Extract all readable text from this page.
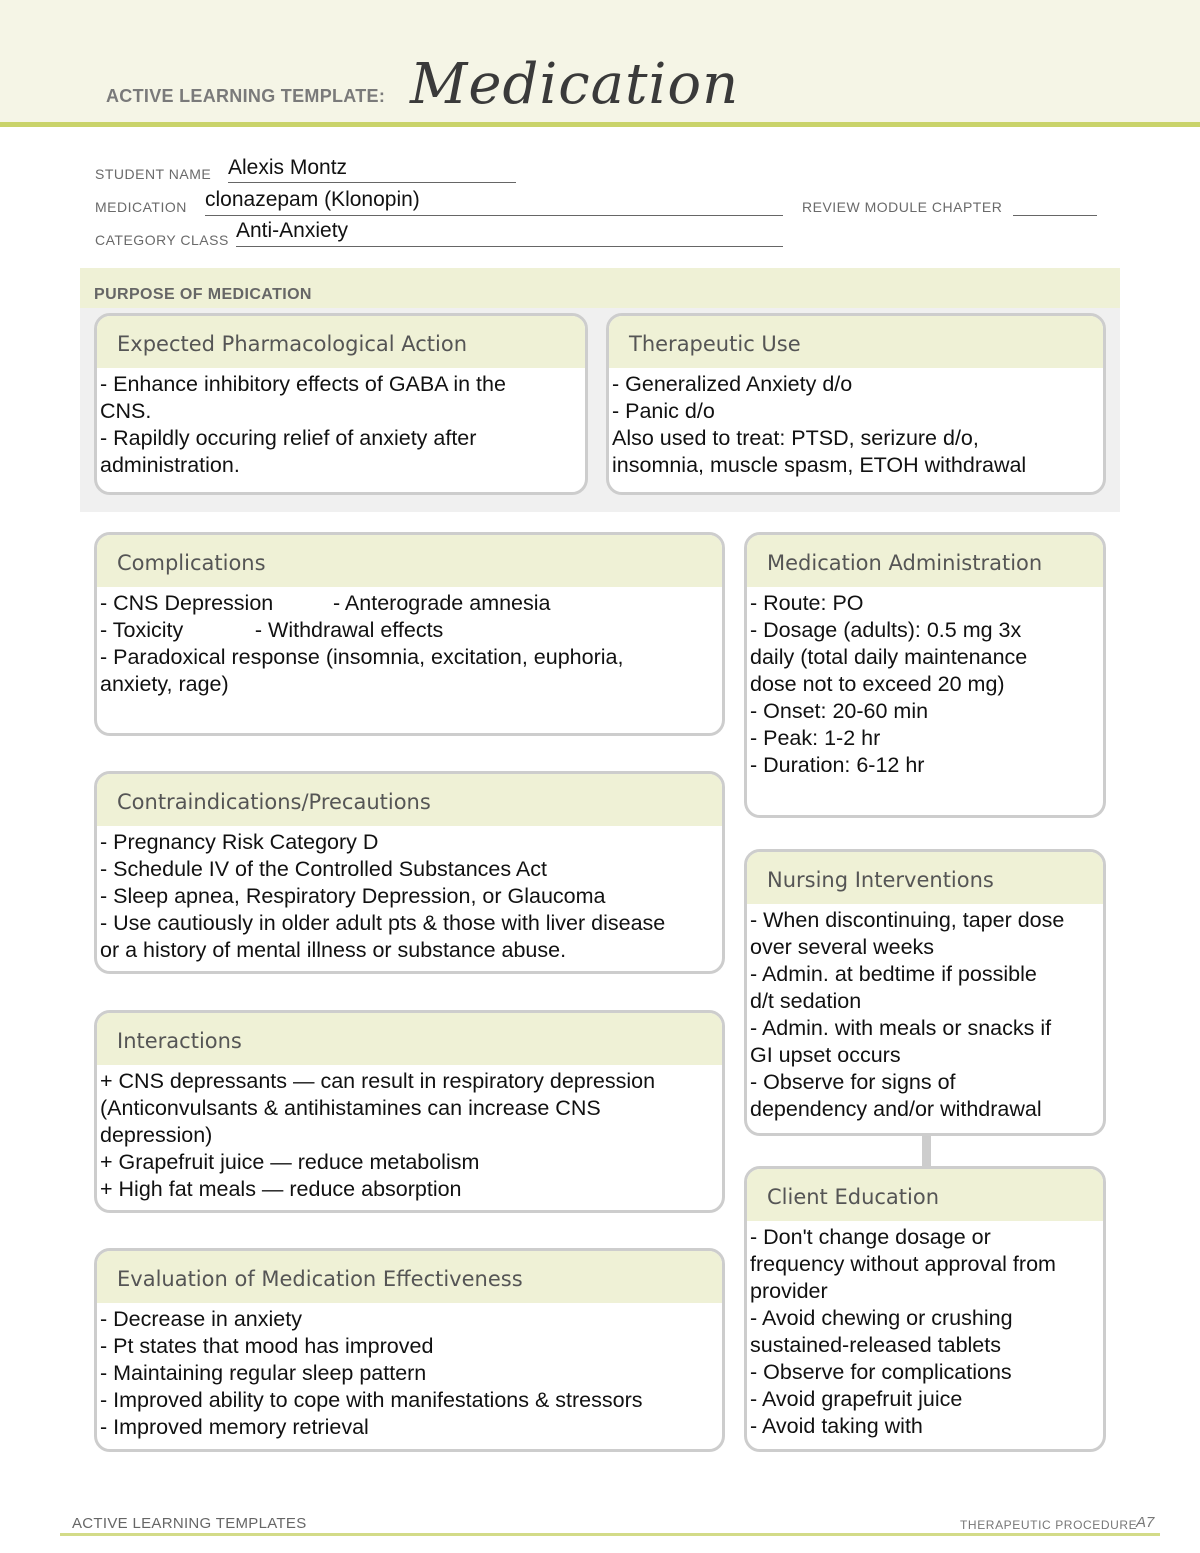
ACTIVE LEARNING TEMPLATE: Medication
STUDENT NAME Alexis Montz
MEDICATION clonazepam (Klonopin)	REVIEW MODULE CHAPTER
CATEGORY CLASS Anti-Anxiety
PURPOSE OF MEDICATION
Expected Pharmacological Action
- Enhance inhibitory effects of GABA in the
CNS.
- Rapildly occuring relief of anxiety after
administration.
Therapeutic Use
- Generalized Anxiety d/o
- Panic d/o
Also used to treat: PTSD, serizure d/o,
insomnia, muscle spasm, ETOH withdrawal
Complications
- CNS Depression          - Anterograde amnesia
- Toxicity            - Withdrawal effects
- Paradoxical response (insomnia, excitation, euphoria,
anxiety, rage)
Medication Administration
- Route: PO
- Dosage (adults): 0.5 mg 3x
daily (total daily maintenance
dose not to exceed 20 mg)
- Onset: 20-60 min
- Peak: 1-2 hr
- Duration: 6-12 hr
Contraindications/Precautions
- Pregnancy Risk Category D
- Schedule IV of the Controlled Substances Act
- Sleep apnea, Respiratory Depression, or Glaucoma
- Use cautiously in older adult pts & those with liver disease
or a history of mental illness or substance abuse.
Nursing Interventions
- When discontinuing, taper dose
over several weeks
- Admin. at bedtime if possible
d/t sedation
- Admin. with meals or snacks if
GI upset occurs
- Observe for signs of
dependency and/or withdrawal
Interactions
+ CNS depressants — can result in respiratory depression
(Anticonvulsants & antihistamines can increase CNS
depression)
+ Grapefruit juice — reduce metabolism
+ High fat meals — reduce absorption	Client Education
- Don't change dosage or
frequency without approval from
provider
- Avoid chewing or crushing
sustained-released tablets
- Observe for complications
- Avoid grapefruit juice
- Avoid taking with
Evaluation of Medication Effectiveness
- Decrease in anxiety
- Pt states that mood has improved
- Maintaining regular sleep pattern
- Improved ability to cope with manifestations & stressors
- Improved memory retrieval
ACTIVE LEARNING TEMPLATES	THERAPEUTIC PROCEDURE
A7
